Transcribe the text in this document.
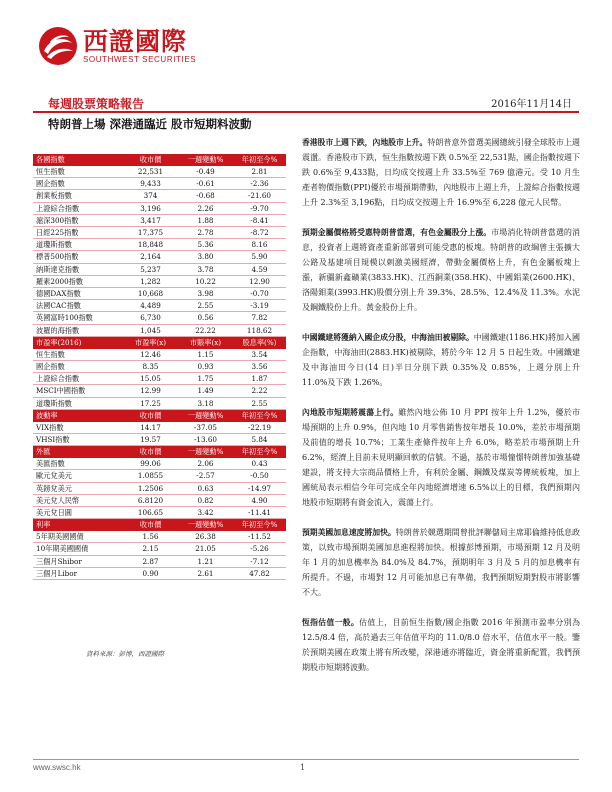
西證國際
SOUTHWEST SECURITIES
每週股票策略報告	2016年11月14日
特朗普上場 深港通臨近 股市短期料波動
各國指數	收市價	一週變動%	年初至今%
恒生指數	22,531	-0.49	2.81
國企指數	9,433	-0.61	-2.36
創業板指數	374	-0.68	-21.60
上證綜合指數	3,196	2.26	-9.70
滬深300指數	3,417	1.88	-8.41
日經225指數	17,375	2.78	-8.72
道瓊斯指數	18,848	5.36	8.16
標普500指數	2,164	3.80	5.90
納斯達克指數	5,237	3.78	4.59
羅素2000指數	1,282	10.22	12.90
德國DAX指數	10,668	3.98	-0.70
法國CAC指數	4,489	2.55	-3.19
英國富時100指數	6,730	0.56	7.82
波羅的海指數	1,045	22.22	118.62
市盈率(2016)	市盈率(x)	市賬率(x)	股息率(%)
恒生指數	12.46	1.15	3.54
國企指數	8.35	0.93	3.56
上證綜合指數	15.05	1.75	1.87
MSCI中國指數	12.99	1.49	2.22
道瓊斯指數	17.25	3.18	2.55
波動率	收市價	一週變動%	年初至今%
VIX指數	14.17	-37.05	-22.19
VHSI指數	19.57	-13.60	5.84
外匯	收市價	一週變動%	年初至今%
美匯指數	99.06	2.06	0.43
歐元兌美元	1.0855	-2.57	-0.50
英鎊兌美元	1.2506	0.63	-14.97
美元兌人民幣	6.8120	0.82	4.90
美元兌日圓	106.65	3.42	-11.41
利率	收市價	一週變動%	年初至今%
5年期美國國債	1.56	26.38	-11.52
10年期美國國債	2.15	21.05	-5.26
三個月Shibor	2.87	1.21	-7.12
三個月Libor	0.90	2.61	47.82
資料來源：彭博，西證國際
香港股市上週下跌，內地股市上升。特朗普意外當選美國總統引發全球股市上週震盪。香港股市下跌，恒生指數按週下跌 0.5%至 22,531點，國企指數按週下跌 0.6%至 9,433點，日均成交按週上升 33.5%至 769 億港元。受 10 月生產者物價指數(PPI)優於市場預期帶動，內地股市上週上升，上證綜合指數按週上升 2.3%至 3,196點，日均成交按週上升 16.9%至 6,228 億元人民幣。
預期金屬價格將受惠特朗普當選，有色金屬股分上漲。市場消化特朗普當選的消息，投資者上週將資產重新部署到可能受惠的板塊。特朗普的政綱曾主張擴大公路及基建項目規模以刺激美國經濟，帶動金屬價格上升，有色金屬板塊上漲，新疆新鑫礦業(3833.HK)、江西銅業(358.HK)、中國鋁業(2600.HK)、洛陽鉬業(3993.HK)股價分別上升 39.3%、28.5%、12.4%及 11.3%。水泥及鋼鐵股份上升。黃金股份上升。
中國鐵建將獲納入國企成分股，中海油田被剔除。中國鐵建(1186.HK)將加入國企指數，中海油田(2883.HK)被剔除，將於今年 12 月 5 日起生效。中國鐵建及中海油田今日(14 日)半日分別下跌 0.35%及 0.85%，上週分別上升 11.0%及下跌 1.26%。
內地股市短期將震蕩上行。雖然內地公佈 10 月 PPI 按年上升 1.2%，優於市場預期的上升 0.9%，但內地 10 月零售銷售按年增長 10.0%，差於市場預期及前值的增長 10.7%；工業生產條件按年上升 6.0%，略差於市場預期上升 6.2%，經濟上目前未見明顯回軟的信號。不過，基於市場憧憬特朗普加強基礎建設，將支持大宗商品價格上升，有利於金屬、鋼鐵及煤炭等傳統板塊，加上國統局表示相信今年可完成全年內地經濟增速 6.5%以上的目標，我們預期內地股市短期將有資金流入，震蕩上行。
預期美國加息速度將加快。特朗普於競選期間曾批評聯儲局主席耶倫維持低息政策，以致市場預期美國加息進程將加快。根據彭博預期，市場預期 12 月及明年 1 月的加息機率為 84.0%及 84.7%，預期明年 3 月及 5 月的加息機率有所提升。不過，市場對 12 月可能加息已有準備，我們預期短期對股市將影響不大。
恆指估值一般。估值上，目前恒生指數/國企指數 2016 年預測市盈率分別為 12.5/8.4 倍，高於過去三年估值平均的 11.0/8.0 倍水平，估值水平一般。鑒於預期美國在政策上將有所改變，深港通亦將臨近，資金將重新配置，我們預期股市短期將波動。
www.swsc.hk	1
